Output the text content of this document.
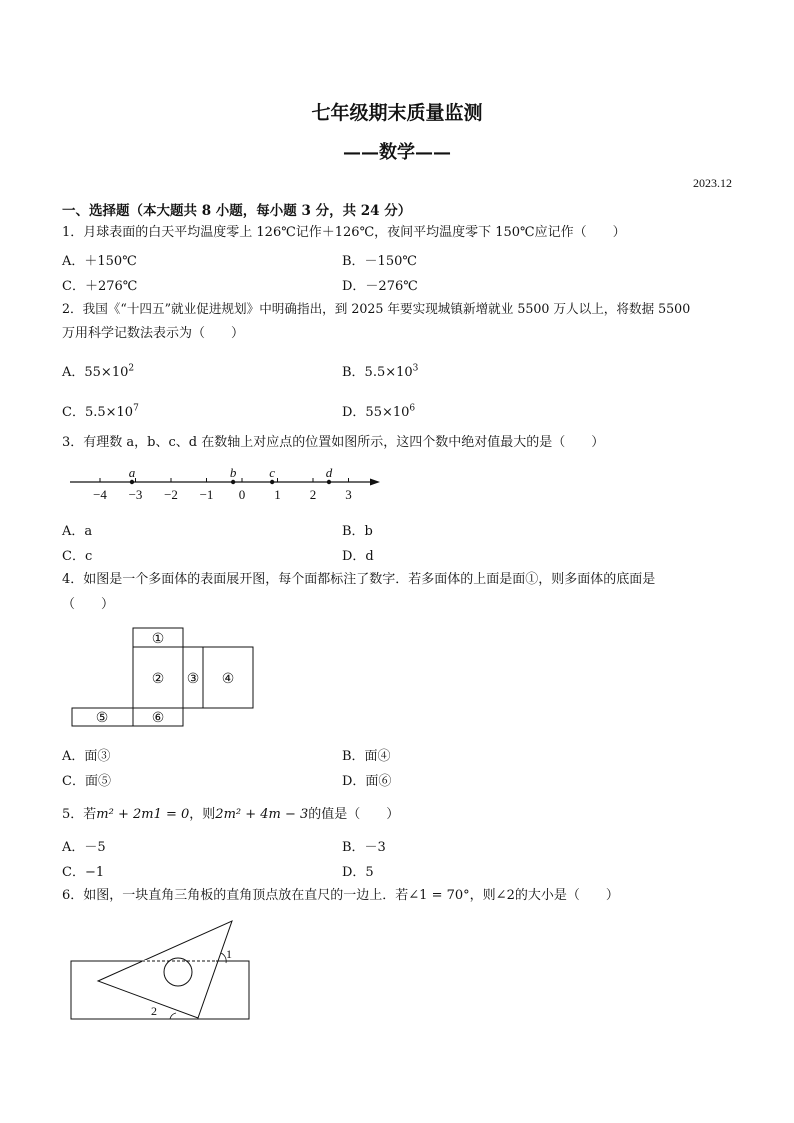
七年级期末质量监测
——数学——
2023.12
一、选择题（本大题共 8 小题，每小题 3 分，共 24 分）
1．月球表面的白天平均温度零上 126℃记作＋126℃，夜间平均温度零下 150℃应记作（　　）
A．＋150℃	B．－150℃
C．＋276℃	D．－276℃
2．我国《“十四五”就业促进规划》中明确指出，到 2025 年要实现城镇新增就业 5500 万人以上，将数据 5500
万用科学记数法表示为（　　）
A．$55\times 10^2$	B．$5.5\times 10^3$
C．$5.5\times 10^7$	D．$55\times 10^6$
3．有理数 a，b、c、d 在数轴上对应点的位置如图所示，这四个数中绝对值最大的是（　　）
−4 −3 −2 −1 0 1 2 3
a	b	c	d
A．a	B．b
C．c	D．d
4．如图是一个多面体的表面展开图，每个面都标注了数字．若多面体的上面是面①，则多面体的底面是
（　　）
①
② ③ ④
⑤	⑥
A．面③	B．面④
C．面⑤	D．面⑥
5．若m² + 2m1 = 0，则2m² + 4m − 3的值是（　　）
A．－5	B．－3
C．−1	D．5
6．如图，一块直角三角板的直角顶点放在直尺的一边上．若∠1 = 70°，则∠2的大小是（　　）
1
2
